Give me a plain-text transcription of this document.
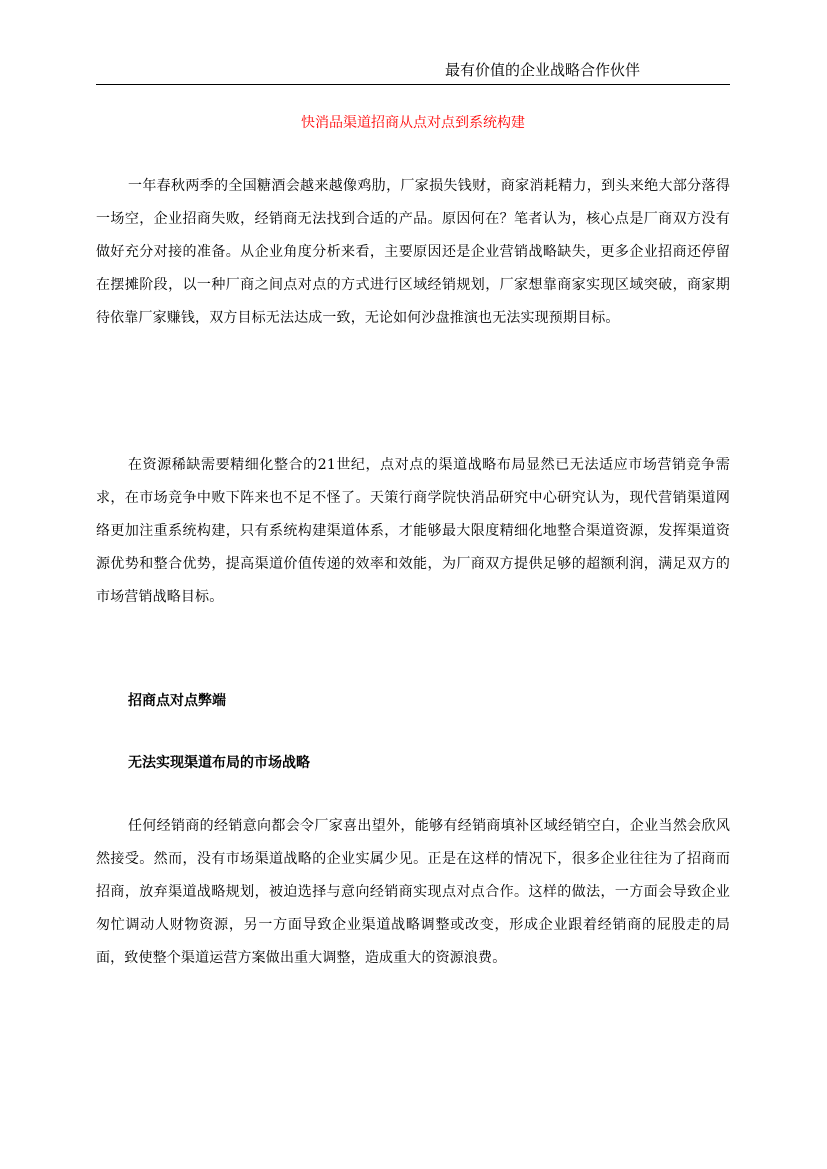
最有价值的企业战略合作伙伴
快消品渠道招商从点对点到系统构建

一年春秋两季的全国糖酒会越来越像鸡肋，厂家损失钱财，商家消耗精力，到头来绝大部分落得一场空，企业招商失败，经销商无法找到合适的产品。原因何在？笔者认为，核心点是厂商双方没有做好充分对接的准备。从企业角度分析来看，主要原因还是企业营销战略缺失，更多企业招商还停留在摆摊阶段，以一种厂商之间点对点的方式进行区域经销规划，厂家想靠商家实现区域突破，商家期待依靠厂家赚钱，双方目标无法达成一致，无论如何沙盘推演也无法实现预期目标。

在资源稀缺需要精细化整合的21世纪，点对点的渠道战略布局显然已无法适应市场营销竞争需求，在市场竞争中败下阵来也不足不怪了。天策行商学院快消品研究中心研究认为，现代营销渠道网络更加注重系统构建，只有系统构建渠道体系，才能够最大限度精细化地整合渠道资源，发挥渠道资源优势和整合优势，提高渠道价值传递的效率和效能，为厂商双方提供足够的超额利润，满足双方的市场营销战略目标。

招商点对点弊端

无法实现渠道布局的市场战略

任何经销商的经销意向都会令厂家喜出望外，能够有经销商填补区域经销空白，企业当然会欣风然接受。然而，没有市场渠道战略的企业实属少见。正是在这样的情况下，很多企业往往为了招商而招商，放弃渠道战略规划，被迫选择与意向经销商实现点对点合作。这样的做法，一方面会导致企业匆忙调动人财物资源，另一方面导致企业渠道战略调整或改变，形成企业跟着经销商的屁股走的局面，致使整个渠道运营方案做出重大调整，造成重大的资源浪费。
